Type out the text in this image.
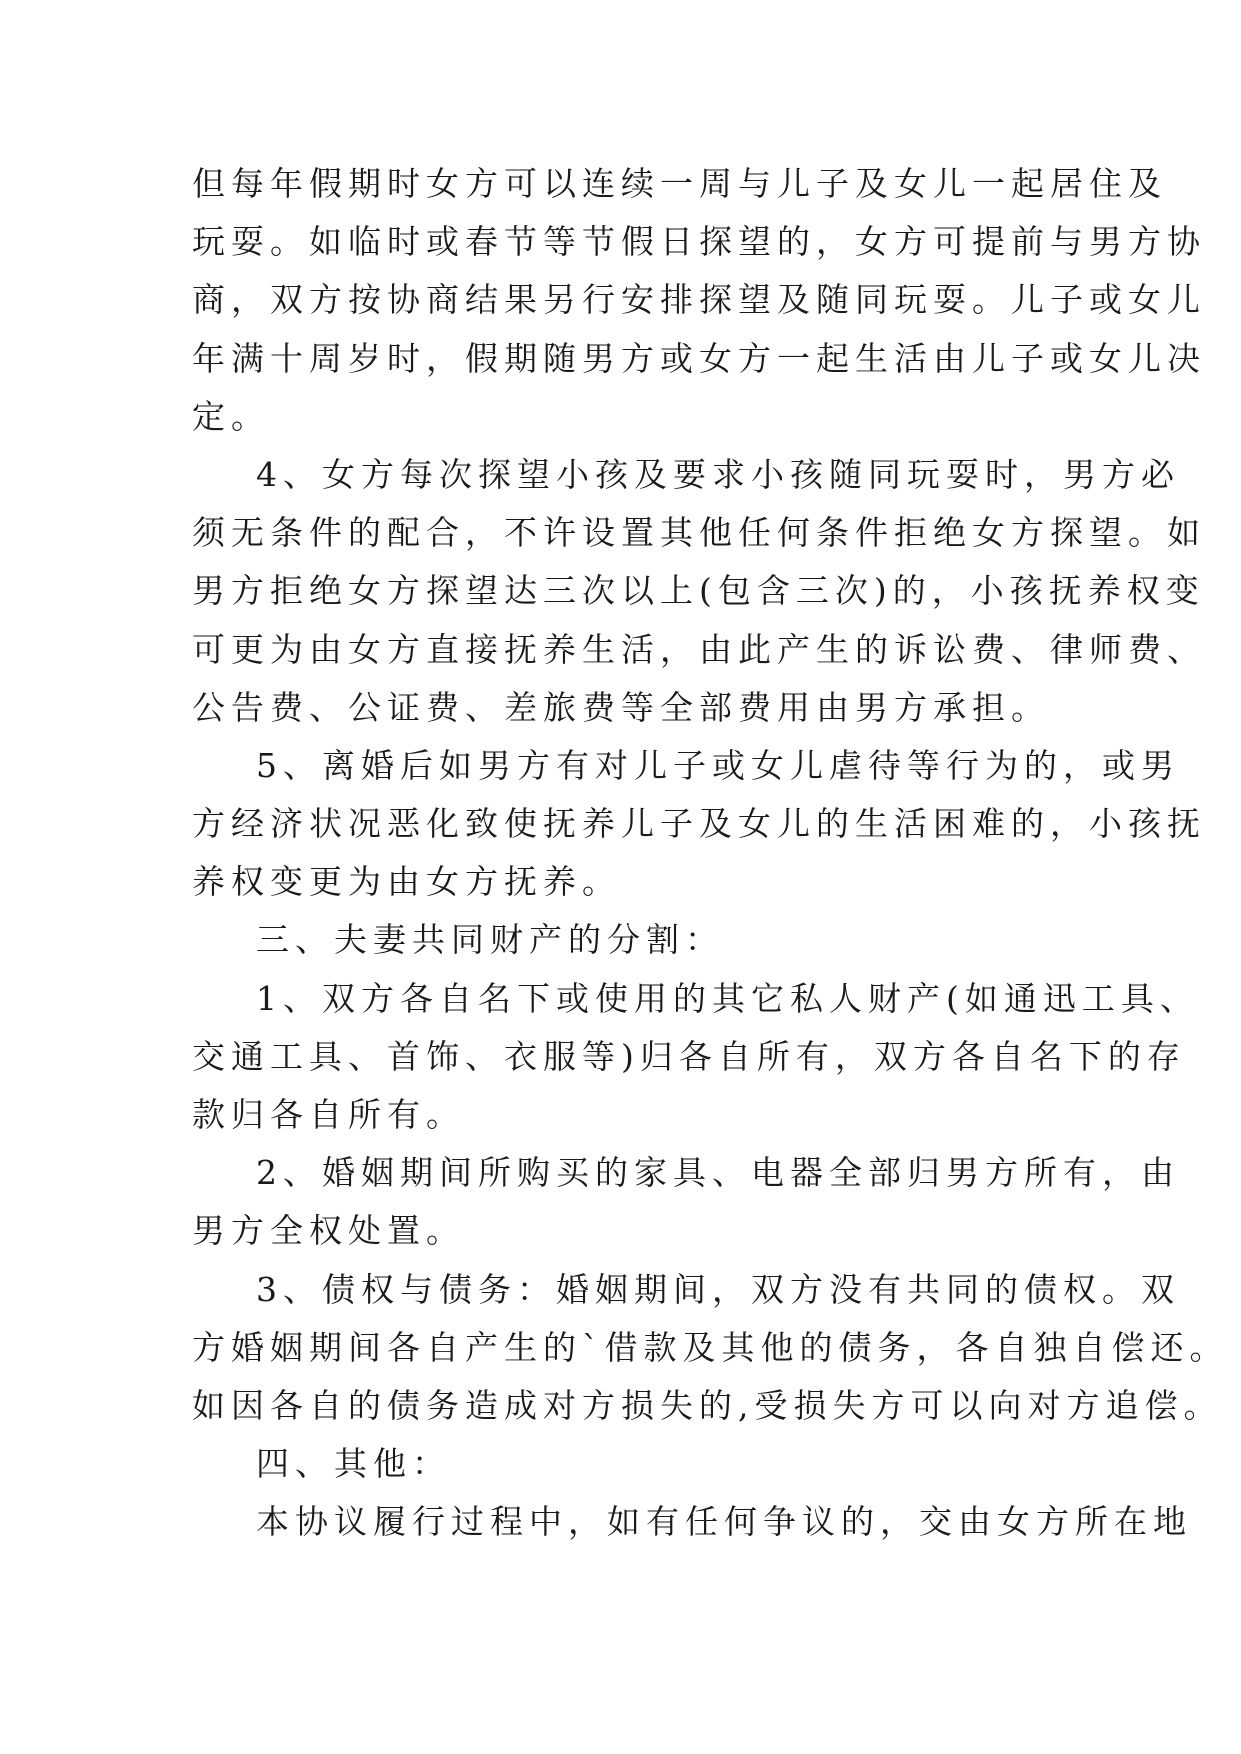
但每年假期时女方可以连续一周与儿子及女儿一起居住及
玩耍。如临时或春节等节假日探望的，女方可提前与男方协
商，双方按协商结果另行安排探望及随同玩耍。儿子或女儿
年满十周岁时，假期随男方或女方一起生活由儿子或女儿决
定。
4、女方每次探望小孩及要求小孩随同玩耍时，男方必
须无条件的配合，不许设置其他任何条件拒绝女方探望。如
男方拒绝女方探望达三次以上(包含三次)的，小孩抚养权变
可更为由女方直接抚养生活，由此产生的诉讼费、律师费、
公告费、公证费、差旅费等全部费用由男方承担。
5、离婚后如男方有对儿子或女儿虐待等行为的，或男
方经济状况恶化致使抚养儿子及女儿的生活困难的，小孩抚
养权变更为由女方抚养。
三、夫妻共同财产的分割：
1、双方各自名下或使用的其它私人财产(如通迅工具、
交通工具、首饰、衣服等)归各自所有，双方各自名下的存
款归各自所有。
2、婚姻期间所购买的家具、电器全部归男方所有，由
男方全权处置。
3、债权与债务：婚姻期间，双方没有共同的债权。双
方婚姻期间各自产生的`借款及其他的债务，各自独自偿还。
如因各自的债务造成对方损失的,受损失方可以向对方追偿。
四、其他：
本协议履行过程中，如有任何争议的，交由女方所在地
